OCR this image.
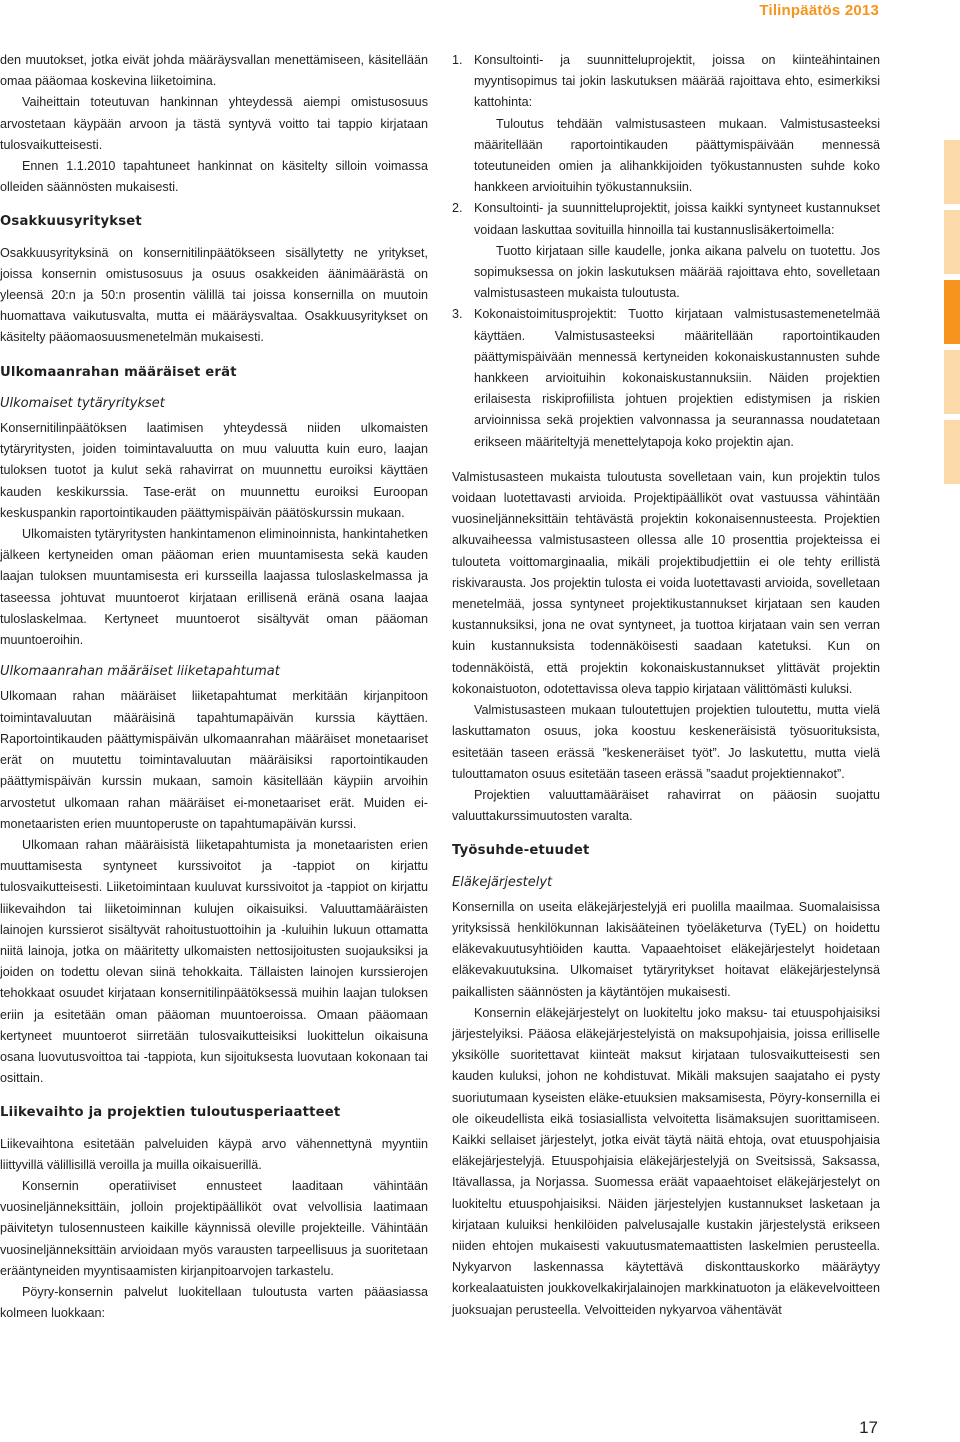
Tilinpäätös 2013

den muutokset, jotka eivät johda määräysvallan menettämiseen, käsitellään omaa pääomaa koskevina liiketoimina.

Vaiheittain toteutuvan hankinnan yhteydessä aiempi omistusosuus arvostetaan käypään arvoon ja tästä syntyvä voitto tai tappio kirjataan tulosvaikutteisesti.

Ennen 1.1.2010 tapahtuneet hankinnat on käsitelty silloin voimassa olleiden säännösten mukaisesti.

Osakkuusyritykset

Osakkuusyrityksinä on konsernitilinpäätökseen sisällytetty ne yritykset, joissa konsernin omistusosuus ja osuus osakkeiden äänimäärästä on yleensä 20:n ja 50:n prosentin välillä tai joissa konsernilla on muutoin huomattava vaikutusvalta, mutta ei määräysvaltaa. Osakkuusyritykset on käsitelty pääomaosuusmenetelmän mukaisesti.

Ulkomaanrahan määräiset erät
Ulkomaiset tytäryritykset

Konsernitilinpäätöksen laatimisen yhteydessä niiden ulkomaisten tytäryritysten, joiden toimintavaluutta on muu valuutta kuin euro, laajan tuloksen tuotot ja kulut sekä rahavirrat on muunnettu euroiksi käyttäen kauden keskikurssia. Tase-erät on muunnettu euroiksi Euroopan keskuspankin raportointikauden päättymispäivän päätöskurssin mukaan.

Ulkomaisten tytäryritysten hankintamenon eliminoinnista, hankintahetken jälkeen kertyneiden oman pääoman erien muuntamisesta sekä kauden laajan tuloksen muuntamisesta eri kursseilla laajassa tuloslaskelmassa ja taseessa johtuvat muuntoerot kirjataan erillisenä eränä osana laajaa tuloslaskelmaa. Kertyneet muuntoerot sisältyvät oman pääoman muuntoeroihin.

Ulkomaanrahan määräiset liiketapahtumat

Ulkomaan rahan määräiset liiketapahtumat merkitään kirjanpitoon toimintavaluutan määräisinä tapahtumapäivän kurssia käyttäen. Raportointikauden päättymispäivän ulkomaanrahan määräiset monetaariset erät on muutettu toimintavaluutan määräisiksi raportointikauden päättymispäivän kurssin mukaan, samoin käsitellään käypiin arvoihin arvostetut ulkomaan rahan määräiset ei-monetaariset erät. Muiden ei-monetaaristen erien muuntoperuste on tapahtumapäivän kurssi.

Ulkomaan rahan määräisistä liiketapahtumista ja monetaaristen erien muuttamisesta syntyneet kurssivoitot ja -tappiot on kirjattu tulosvaikutteisesti. Liiketoimintaan kuuluvat kurssivoitot ja -tappiot on kirjattu liikevaihdon tai liiketoiminnan kulujen oikaisuiksi. Valuuttamääräisten lainojen kurssierot sisältyvät rahoitustuottoihin ja -kuluihin lukuun ottamatta niitä lainoja, jotka on määritetty ulkomaisten nettosijoitusten suojauksiksi ja joiden on todettu olevan siinä tehokkaita. Tällaisten lainojen kurssierojen tehokkaat osuudet kirjataan konsernitilinpäätöksessä muihin laajan tuloksen eriin ja esitetään oman pääoman muuntoeroissa. Omaan pääomaan kertyneet muuntoerot siirretään tulosvaikutteisiksi luokittelun oikaisuna osana luovutusvoittoa tai -tappiota, kun sijoituksesta luovutaan kokonaan tai osittain.

Liikevaihto ja projektien tuloutusperiaatteet

Liikevaihtona esitetään palveluiden käypä arvo vähennettynä myyntiin liittyvillä välillisillä veroilla ja muilla oikaisuerillä.

Konsernin operatiiviset ennusteet laaditaan vähintään vuosineljänneksittäin, jolloin projektipäälliköt ovat velvollisia laatimaan päivitetyn tulosennusteen kaikille käynnissä oleville projekteille. Vähintään vuosineljänneksittäin arvioidaan myös varausten tarpeellisuus ja suoritetaan erääntyneiden myyntisaamisten kirjanpitoarvojen tarkastelu.

Pöyry-konsernin palvelut luokitellaan tuloutusta varten pääasiassa kolmeen luokkaan:

1. Konsultointi- ja suunnitteluprojektit, joissa on kiinteähintainen myyntisopimus tai jokin laskutuksen määrää rajoittava ehto, esimerkiksi kattohinta:
Tuloutus tehdään valmistusasteen mukaan. Valmistusasteeksi määritellään raportointikauden päättymispäivään mennessä toteutuneiden omien ja alihankkijoiden työkustannusten suhde koko hankkeen arvioituihin työkustannuksiin.
2. Konsultointi- ja suunnitteluprojektit, joissa kaikki syntyneet kustannukset voidaan laskuttaa sovituilla hinnoilla tai kustannuslisäkertoimella:
Tuotto kirjataan sille kaudelle, jonka aikana palvelu on tuotettu. Jos sopimuksessa on jokin laskutuksen määrää rajoittava ehto, sovelletaan valmistusasteen mukaista tuloutusta.
3. Kokonaistoimitusprojektit: Tuotto kirjataan valmistusastemenetelmää käyttäen. Valmistusasteeksi määritellään raportointikauden päättymispäivään mennessä kertyneiden kokonaiskustannusten suhde hankkeen arvioituihin kokonaiskustannuksiin. Näiden projektien erilaisesta riskiprofiilista johtuen projektien edistymisen ja riskien arvioinnissa sekä projektien valvonnassa ja seurannassa noudatetaan erikseen määriteltyjä menettelytapoja koko projektin ajan.

Valmistusasteen mukaista tuloutusta sovelletaan vain, kun projektin tulos voidaan luotettavasti arvioida. Projektipäälliköt ovat vastuussa vähintään vuosineljänneksittäin tehtävästä projektin kokonaisennusteesta. Projektien alkuvaiheessa valmistusasteen ollessa alle 10 prosenttia projekteissa ei tulouteta voittomarginaalia, mikäli projektibudjettiin ei ole tehty erillistä riskivarausta. Jos projektin tulosta ei voida luotettavasti arvioida, sovelletaan menetelmää, jossa syntyneet projektikustannukset kirjataan sen kauden kustannuksiksi, jona ne ovat syntyneet, ja tuottoa kirjataan vain sen verran kuin kustannuksista todennäköisesti saadaan katetuksi. Kun on todennäköistä, että projektin kokonaiskustannukset ylittävät projektin kokonaistuoton, odotettavissa oleva tappio kirjataan välittömästi kuluksi.

Valmistusasteen mukaan tuloutettujen projektien tuloutettu, mutta vielä laskuttamaton osuus, joka koostuu keskeneräisistä työsuorituksista, esitetään taseen erässä ”keskeneräiset työt”. Jo laskutettu, mutta vielä tulouttamaton osuus esitetään taseen erässä ”saadut projektiennakot”.

Projektien valuuttamääräiset rahavirrat on pääosin suojattu valuuttakurssimuutosten varalta.

Työsuhde-etuudet
Eläkejärjestelyt

Konsernilla on useita eläkejärjestelyjä eri puolilla maailmaa. Suomalaisissa yrityksissä henkilökunnan lakisääteinen työeläketurva (TyEL) on hoidettu eläkevakuutusyhtiöiden kautta. Vapaaehtoiset eläkejärjestelyt hoidetaan eläkevakuutuksina. Ulkomaiset tytäryritykset hoitavat eläkejärjestelynsä paikallisten säännösten ja käytäntöjen mukaisesti.

Konsernin eläkejärjestelyt on luokiteltu joko maksu- tai etuuspohjaisiksi järjestelyiksi. Pääosa eläkejärjestelyistä on maksupohjaisia, joissa erilliselle yksikölle suoritettavat kiinteät maksut kirjataan tulosvaikutteisesti sen kauden kuluksi, johon ne kohdistuvat. Mikäli maksujen saajataho ei pysty suoriutumaan kyseisten eläke-etuuksien maksamisesta, Pöyry-konsernilla ei ole oikeudellista eikä tosiasiallista velvoitetta lisämaksujen suorittamiseen. Kaikki sellaiset järjestelyt, jotka eivät täytä näitä ehtoja, ovat etuuspohjaisia eläkejärjestelyjä. Etuuspohjaisia eläkejärjestelyjä on Sveitsissä, Saksassa, Itävallassa, ja Norjassa. Suomessa eräät vapaaehtoiset eläkejärjestelyt on luokiteltu etuuspohjaisiksi. Näiden järjestelyjen kustannukset lasketaan ja kirjataan kuluiksi henkilöiden palvelusajalle kustakin järjestelystä erikseen niiden ehtojen mukaisesti vakuutusmatemaattisten laskelmien perusteella. Nykyarvon laskennassa käytettävä diskonttauskorko määräytyy korkealaatuisten joukkovelkakirjalainojen markkinatuoton ja eläkevelvoitteen juoksuajan perusteella. Velvoitteiden nykyarvoa vähentävät

17
